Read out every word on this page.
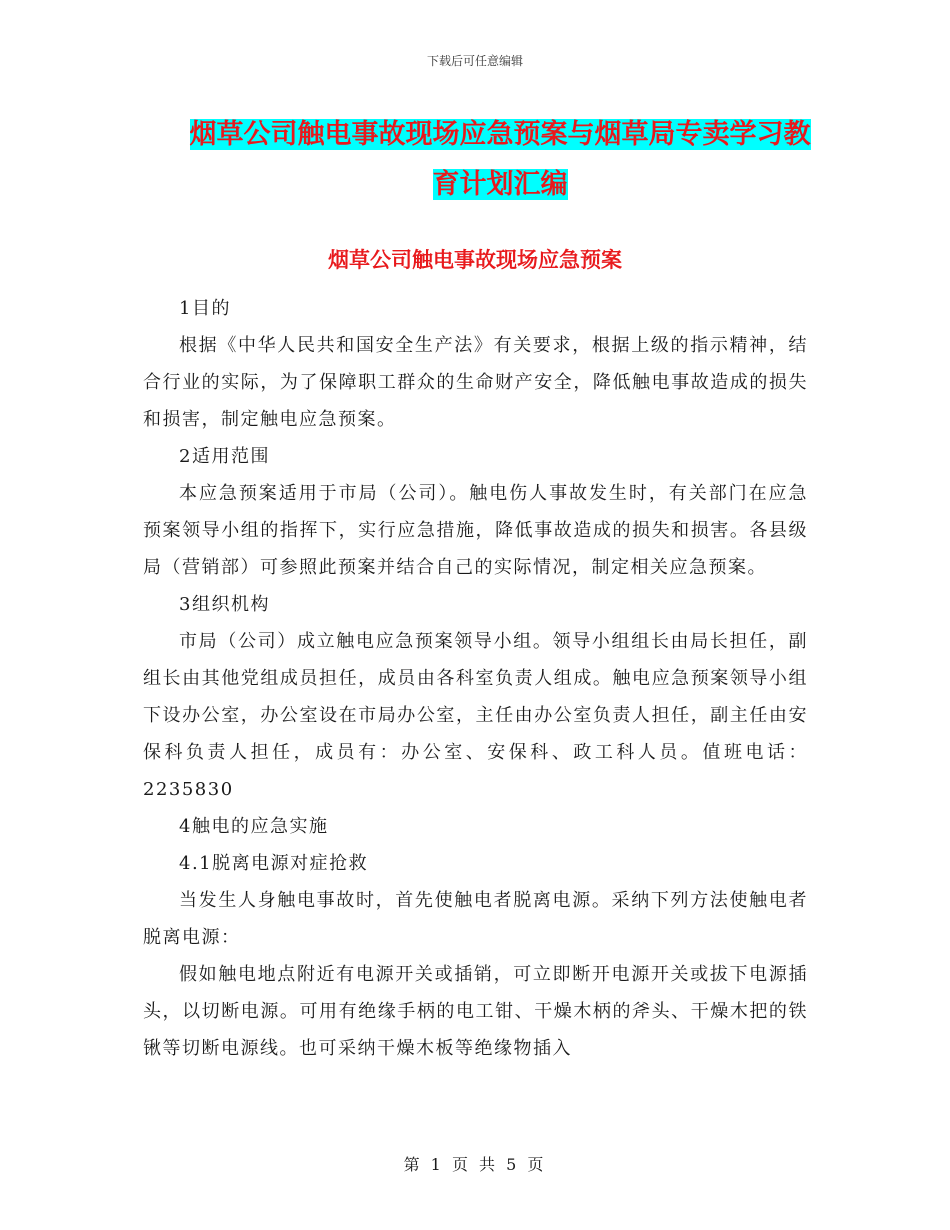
下载后可任意编辑
烟草公司触电事故现场应急预案与烟草局专卖学习教
育计划汇编
烟草公司触电事故现场应急预案

1目的

根据《中华人民共和国安全生产法》有关要求，根据上级的指示精神，结合行业的实际，为了保障职工群众的生命财产安全，降低触电事故造成的损失和损害，制定触电应急预案。

2适用范围

本应急预案适用于市局（公司）。触电伤人事故发生时，有关部门在应急预案领导小组的指挥下，实行应急措施，降低事故造成的损失和损害。各县级局（营销部）可参照此预案并结合自己的实际情况，制定相关应急预案。

3组织机构

市局（公司）成立触电应急预案领导小组。领导小组组长由局长担任，副组长由其他党组成员担任，成员由各科室负责人组成。触电应急预案领导小组下设办公室，办公室设在市局办公室，主任由办公室负责人担任，副主任由安保科负责人担任，成员有：办公室、安保科、政工科人员。值班电话：2235830

4触电的应急实施

4.1脱离电源对症抢救

当发生人身触电事故时，首先使触电者脱离电源。采纳下列方法使触电者脱离电源：

假如触电地点附近有电源开关或插销，可立即断开电源开关或拔下电源插头，以切断电源。可用有绝缘手柄的电工钳、干燥木柄的斧头、干燥木把的铁锹等切断电源线。也可采纳干燥木板等绝缘物插入

第 1 页 共 5 页
